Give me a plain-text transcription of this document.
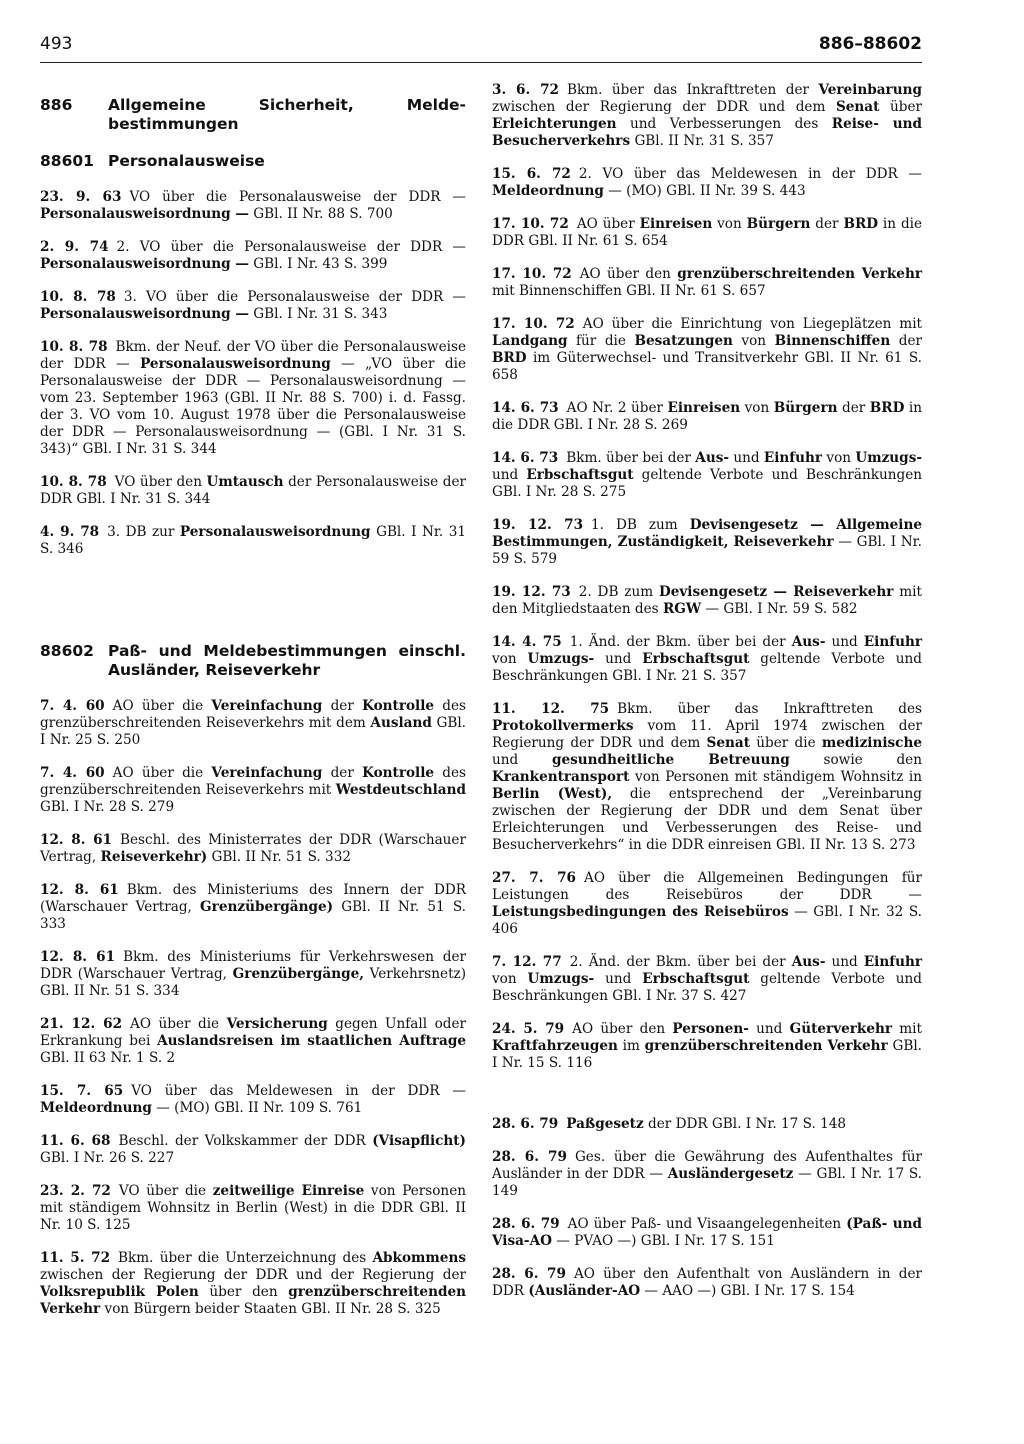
493	886–88602
886	Allgemeine Sicherheit, Melde-bestimmungen
88601 Personalausweise

23. 9. 63 VO über die Personalausweise der DDR — Personalausweisordnung — GBl. II Nr. 88 S. 700

2. 9. 74 2. VO über die Personalausweise der DDR — Personalausweisordnung — GBl. I Nr. 43 S. 399

10. 8. 78 3. VO über die Personalausweise der DDR — Personalausweisordnung — GBl. I Nr. 31 S. 343

10. 8. 78 Bkm. der Neuf. der VO über die Personalausweise der DDR — Personalausweisordnung — „VO über die Personalausweise der DDR — Personalausweisordnung — vom 23. September 1963 (GBl. II Nr. 88 S. 700) i. d. Fassg. der 3. VO vom 10. August 1978 über die Personalausweise der DDR — Personalausweisordnung — (GBl. I Nr. 31 S. 343)“ GBl. I Nr. 31 S. 344

10. 8. 78 VO über den Umtausch der Personalausweise der DDR GBl. I Nr. 31 S. 344

4. 9. 78 3. DB zur Personalausweisordnung GBl. I Nr. 31 S. 346

88602 Paß- und Meldebestimmungen einschl. Ausländer, Reiseverkehr

7. 4. 60 AO über die Vereinfachung der Kontrolle des grenzüberschreitenden Reiseverkehrs mit dem Ausland GBl. I Nr. 25 S. 250

7. 4. 60 AO über die Vereinfachung der Kontrolle des grenzüberschreitenden Reiseverkehrs mit Westdeutschland GBl. I Nr. 28 S. 279

12. 8. 61 Beschl. des Ministerrates der DDR (Warschauer Vertrag, Reiseverkehr) GBl. II Nr. 51 S. 332

12. 8. 61 Bkm. des Ministeriums des Innern der DDR (Warschauer Vertrag, Grenzübergänge) GBl. II Nr. 51 S. 333

12. 8. 61 Bkm. des Ministeriums für Verkehrswesen der DDR (Warschauer Vertrag, Grenzübergänge, Verkehrsnetz) GBl. II Nr. 51 S. 334

21. 12. 62 AO über die Versicherung gegen Unfall oder Erkrankung bei Auslandsreisen im staatlichen Auftrage GBl. II 63 Nr. 1 S. 2

15. 7. 65 VO über das Meldewesen in der DDR — Meldeordnung — (MO) GBl. II Nr. 109 S. 761

11. 6. 68 Beschl. der Volkskammer der DDR (Visapflicht) GBl. I Nr. 26 S. 227

23. 2. 72 VO über die zeitweilige Einreise von Personen mit ständigem Wohnsitz in Berlin (West) in die DDR GBl. II Nr. 10 S. 125

11. 5. 72 Bkm. über die Unterzeichnung des Abkommens zwischen der Regierung der DDR und der Regierung der Volksrepublik Polen über den grenzüberschreitenden Verkehr von Bürgern beider Staaten GBl. II Nr. 28 S. 325

3. 6. 72 Bkm. über das Inkrafttreten der Vereinbarung zwischen der Regierung der DDR und dem Senat über Erleichterungen und Verbesserungen des Reise- und Besucherverkehrs GBl. II Nr. 31 S. 357

15. 6. 72 2. VO über das Meldewesen in der DDR — Meldeordnung — (MO) GBl. II Nr. 39 S. 443

17. 10. 72 AO über Einreisen von Bürgern der BRD in die DDR GBl. II Nr. 61 S. 654

17. 10. 72 AO über den grenzüberschreitenden Verkehr mit Binnenschiffen GBl. II Nr. 61 S. 657

17. 10. 72 AO über die Einrichtung von Liegeplätzen mit Landgang für die Besatzungen von Binnenschiffen der BRD im Güterwechsel- und Transitverkehr GBl. II Nr. 61 S. 658

14. 6. 73 AO Nr. 2 über Einreisen von Bürgern der BRD in die DDR GBl. I Nr. 28 S. 269

14. 6. 73 Bkm. über bei der Aus- und Einfuhr von Umzugs- und Erbschaftsgut geltende Verbote und Beschränkungen GBl. I Nr. 28 S. 275

19. 12. 73 1. DB zum Devisengesetz — Allgemeine Bestimmungen, Zuständigkeit, Reiseverkehr — GBl. I Nr. 59 S. 579

19. 12. 73 2. DB zum Devisengesetz — Reiseverkehr mit den Mitgliedstaaten des RGW — GBl. I Nr. 59 S. 582

14. 4. 75 1. Änd. der Bkm. über bei der Aus- und Einfuhr von Umzugs- und Erbschaftsgut geltende Verbote und Beschränkungen GBl. I Nr. 21 S. 357

11. 12. 75 Bkm. über das Inkrafttreten des Protokollvermerks vom 11. April 1974 zwischen der Regierung der DDR und dem Senat über die medizinische und gesundheitliche Betreuung sowie den Krankentransport von Personen mit ständigem Wohnsitz in Berlin (West), die entsprechend der „Vereinbarung zwischen der Regierung der DDR und dem Senat über Erleichterungen und Verbesserungen des Reise- und Besucherverkehrs“ in die DDR einreisen GBl. II Nr. 13 S. 273

27. 7. 76 AO über die Allgemeinen Bedingungen für Leistungen des Reisebüros der DDR — Leistungsbedingungen des Reisebüros — GBl. I Nr. 32 S. 406

7. 12. 77 2. Änd. der Bkm. über bei der Aus- und Einfuhr von Umzugs- und Erbschaftsgut geltende Verbote und Beschränkungen GBl. I Nr. 37 S. 427

24. 5. 79 AO über den Personen- und Güterverkehr mit Kraftfahrzeugen im grenzüberschreitenden Verkehr GBl. I Nr. 15 S. 116

28. 6. 79 Paßgesetz der DDR GBl. I Nr. 17 S. 148

28. 6. 79 Ges. über die Gewährung des Aufenthaltes für Ausländer in der DDR — Ausländergesetz — GBl. I Nr. 17 S. 149

28. 6. 79 AO über Paß- und Visaangelegenheiten (Paß- und Visa-AO — PVAO —) GBl. I Nr. 17 S. 151

28. 6. 79 AO über den Aufenthalt von Ausländern in der DDR (Ausländer-AO — AAO —) GBl. I Nr. 17 S. 154
